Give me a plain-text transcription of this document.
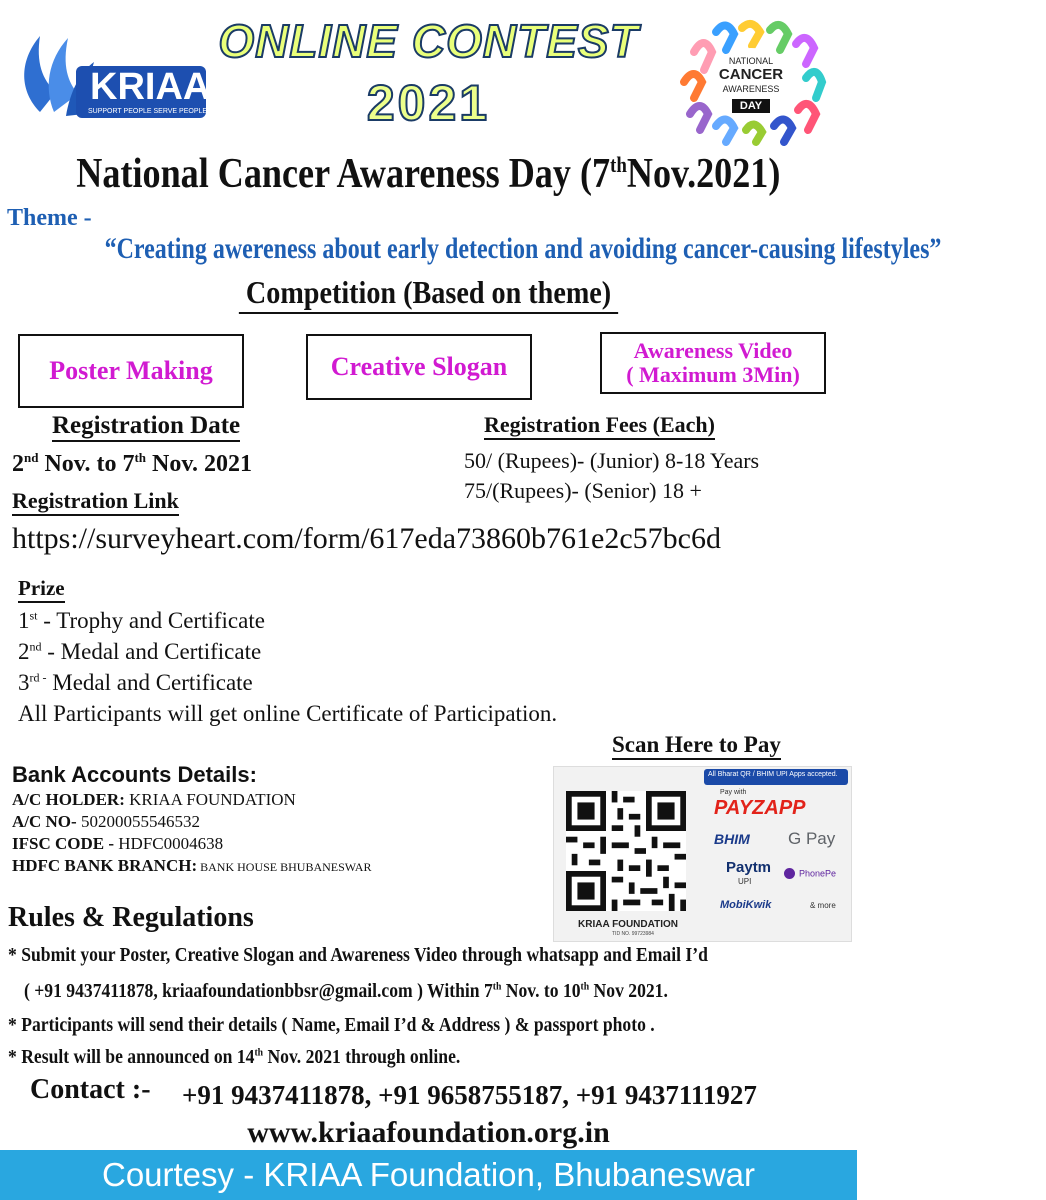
KRIAA
SUPPORT PEOPLE SERVE PEOPLE
NATIONAL
CANCER
AWARENESS
DAY
ONLINE CONTEST
2021
National Cancer Awareness Day (7thNov.2021)
Theme -
“Creating awereness about early detection and avoiding cancer-causing lifestyles”
Competition (Based on theme)
Poster Making	Creative Slogan
Awareness Video
( Maximum 3Min)
Registration Date
2nd Nov. to 7th Nov. 2021
Registration Fees (Each)
50/ (Rupees)- (Junior) 8-18 Years
75/(Rupees)- (Senior) 18 +
Registration Link
https://surveyheart.com/form/617eda73860b761e2c57bc6d
Prize
1st - Trophy and Certificate
2nd - Medal and Certificate
$3^{rd -}$ Medal and Certificate
All Participants will get online Certificate of Participation.
Scan Here to Pay
All Bharat QR / BHIM UPI Apps accepted.
Pay with
PAYZAPP
BHIM G Pay
Paytm
UPI
PhonePe
MobiKwik	& more
KRIAA FOUNDATION
TID NO. 99723984
Bank Accounts Details:
A/C HOLDER: KRIAA FOUNDATION
A/C NO- 50200055546532
IFSC CODE - HDFC0004638
HDFC BANK BRANCH: BANK HOUSE BHUBANESWAR
Rules & Regulations
* Submit your Poster, Creative Slogan and Awareness Video through whatsapp and Email I’d
( +91 9437411878, kriaafoundationbbsr@gmail.com ) Within 7th Nov. to 10th Nov 2021.
* Participants will send their details ( Name, Email I’d & Address ) & passport photo .
* Result will be announced on 14th Nov. 2021 through online.
Contact :- +91 9437411878, +91 9658755187, +91 9437111927
www.kriaafoundation.org.in
Courtesy - KRIAA Foundation, Bhubaneswar
